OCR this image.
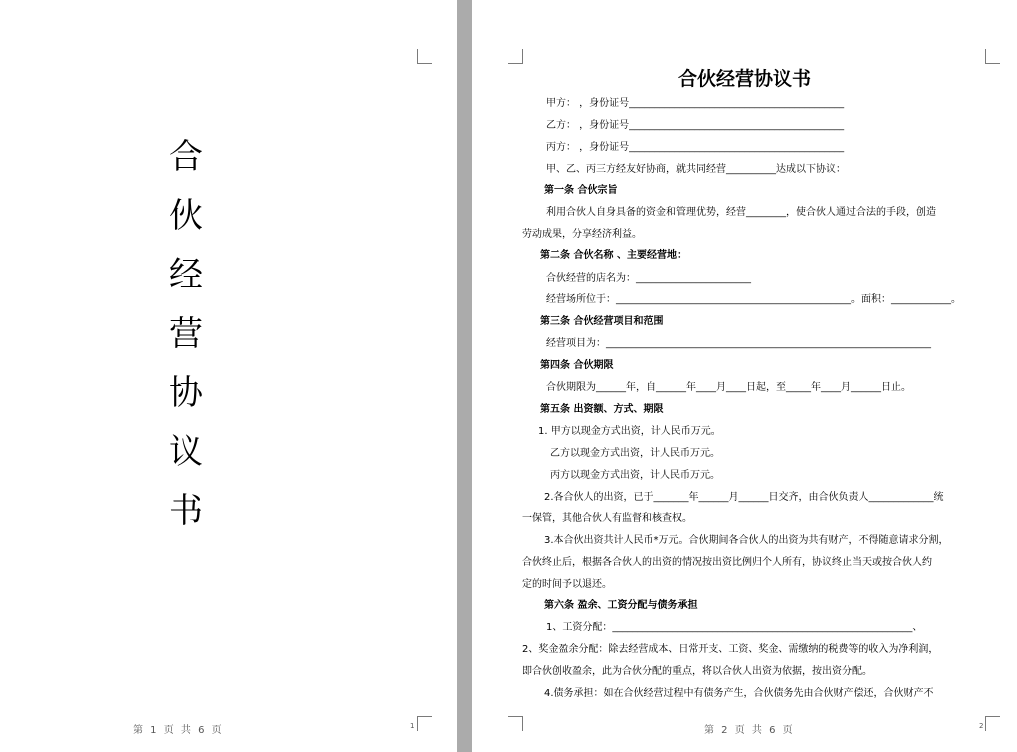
合
伙
经
营
协
议
书
第 1 页 共 6 页	1
合伙经营协议书
甲方： ，身份证号___________________________________________
乙方： ，身份证号___________________________________________
丙方： ，身份证号___________________________________________
甲、乙、丙三方经友好协商，就共同经营__________达成以下协议：
第一条 合伙宗旨
利用合伙人自身具备的资金和管理优势，经营________，使合伙人通过合法的手段，创造
劳动成果，分享经济利益。
第二条 合伙名称 、主要经营地：
合伙经营的店名为：_______________________
经营场所位于：_______________________________________________。面积：____________。
第三条 合伙经营项目和范围
经营项目为：_________________________________________________________________
第四条 合伙期限
合伙期限为______年，自______年____月____日起，至_____年____月______日止。
第五条 出资额、方式、期限
1. 甲方以现金方式出资，计人民币万元。
乙方以现金方式出资，计人民币万元。
丙方以现金方式出资，计人民币万元。
2.各合伙人的出资，已于_______年______月______日交齐，由合伙负责人_____________统
一保管，其他合伙人有监督和核查权。
3.本合伙出资共计人民币*万元。合伙期间各合伙人的出资为共有财产，不得随意请求分割，
合伙终止后，根据各合伙人的出资的情况按出资比例归个人所有，协议终止当天或按合伙人约
定的时间予以退还。
第六条 盈余、工资分配与债务承担
1、工资分配：____________________________________________________________、
2、奖金盈余分配：除去经营成本、日常开支、工资、奖金、需缴纳的税费等的收入为净利润，
即合伙创收盈余，此为合伙分配的重点，将以合伙人出资为依据，按出资分配。
4.债务承担：如在合伙经营过程中有债务产生，合伙债务先由合伙财产偿还，合伙财产不
第 2 页 共 6 页	2
